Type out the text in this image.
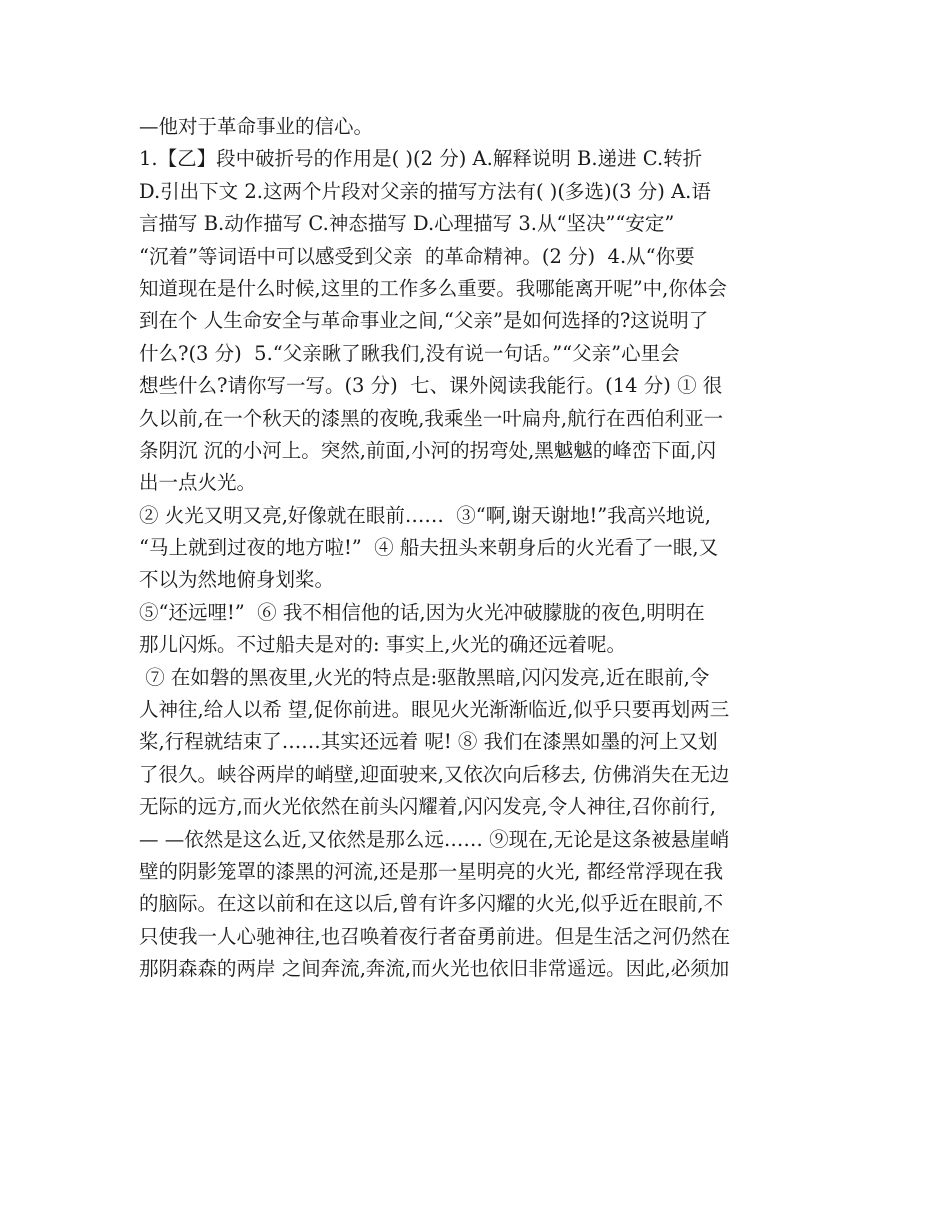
—他对于革命事业的信心。
1.【乙】段中破折号的作用是( )(2 分) A.解释说明 B.递进 C.转折
D.引出下文 2.这两个片段对父亲的描写方法有( )(多选)(3 分) A.语
言描写 B.动作描写 C.神态描写 D.心理描写 3.从“坚决”“安定”
“沉着”等词语中可以感受到父亲  的革命精神。(2 分)  4.从“你要
知道现在是什么时候,这里的工作多么重要。我哪能离开呢”中,你体会
到在个 人生命安全与革命事业之间,“父亲”是如何选择的?这说明了
什么?(3 分)  5.“父亲瞅了瞅我们,没有说一句话。”“父亲”心里会
想些什么?请你写一写。(3 分)  七、课外阅读我能行。(14 分) ① 很
久以前,在一个秋天的漆黑的夜晚,我乘坐一叶扁舟,航行在西伯利亚一
条阴沉 沉的小河上。突然,前面,小河的拐弯处,黑魆魆的峰峦下面,闪
出一点火光。
② 火光又明又亮,好像就在眼前……  ③“啊,谢天谢地!”我高兴地说,
“马上就到过夜的地方啦!”  ④ 船夫扭头来朝身后的火光看了一眼,又
不以为然地俯身划桨。
⑤“还远哩!”  ⑥ 我不相信他的话,因为火光冲破朦胧的夜色,明明在
那儿闪烁。不过船夫是对的: 事实上,火光的确还远着呢。
⑦ 在如磐的黑夜里,火光的特点是:驱散黑暗,闪闪发亮,近在眼前,令
人神往,给人以希 望,促你前进。眼见火光渐渐临近,似乎只要再划两三
桨,行程就结束了……其实还远着 呢! ⑧ 我们在漆黑如墨的河上又划
了很久。峡谷两岸的峭壁,迎面驶来,又依次向后移去, 仿佛消失在无边
无际的远方,而火光依然在前头闪耀着,闪闪发亮,令人神往,召你前行,
— —依然是这么近,又依然是那么远…… ⑨现在,无论是这条被悬崖峭
壁的阴影笼罩的漆黑的河流,还是那一星明亮的火光, 都经常浮现在我
的脑际。在这以前和在这以后,曾有许多闪耀的火光,似乎近在眼前,不
只使我一人心驰神往,也召唤着夜行者奋勇前进。但是生活之河仍然在
那阴森森的两岸 之间奔流,奔流,而火光也依旧非常遥远。因此,必须加
